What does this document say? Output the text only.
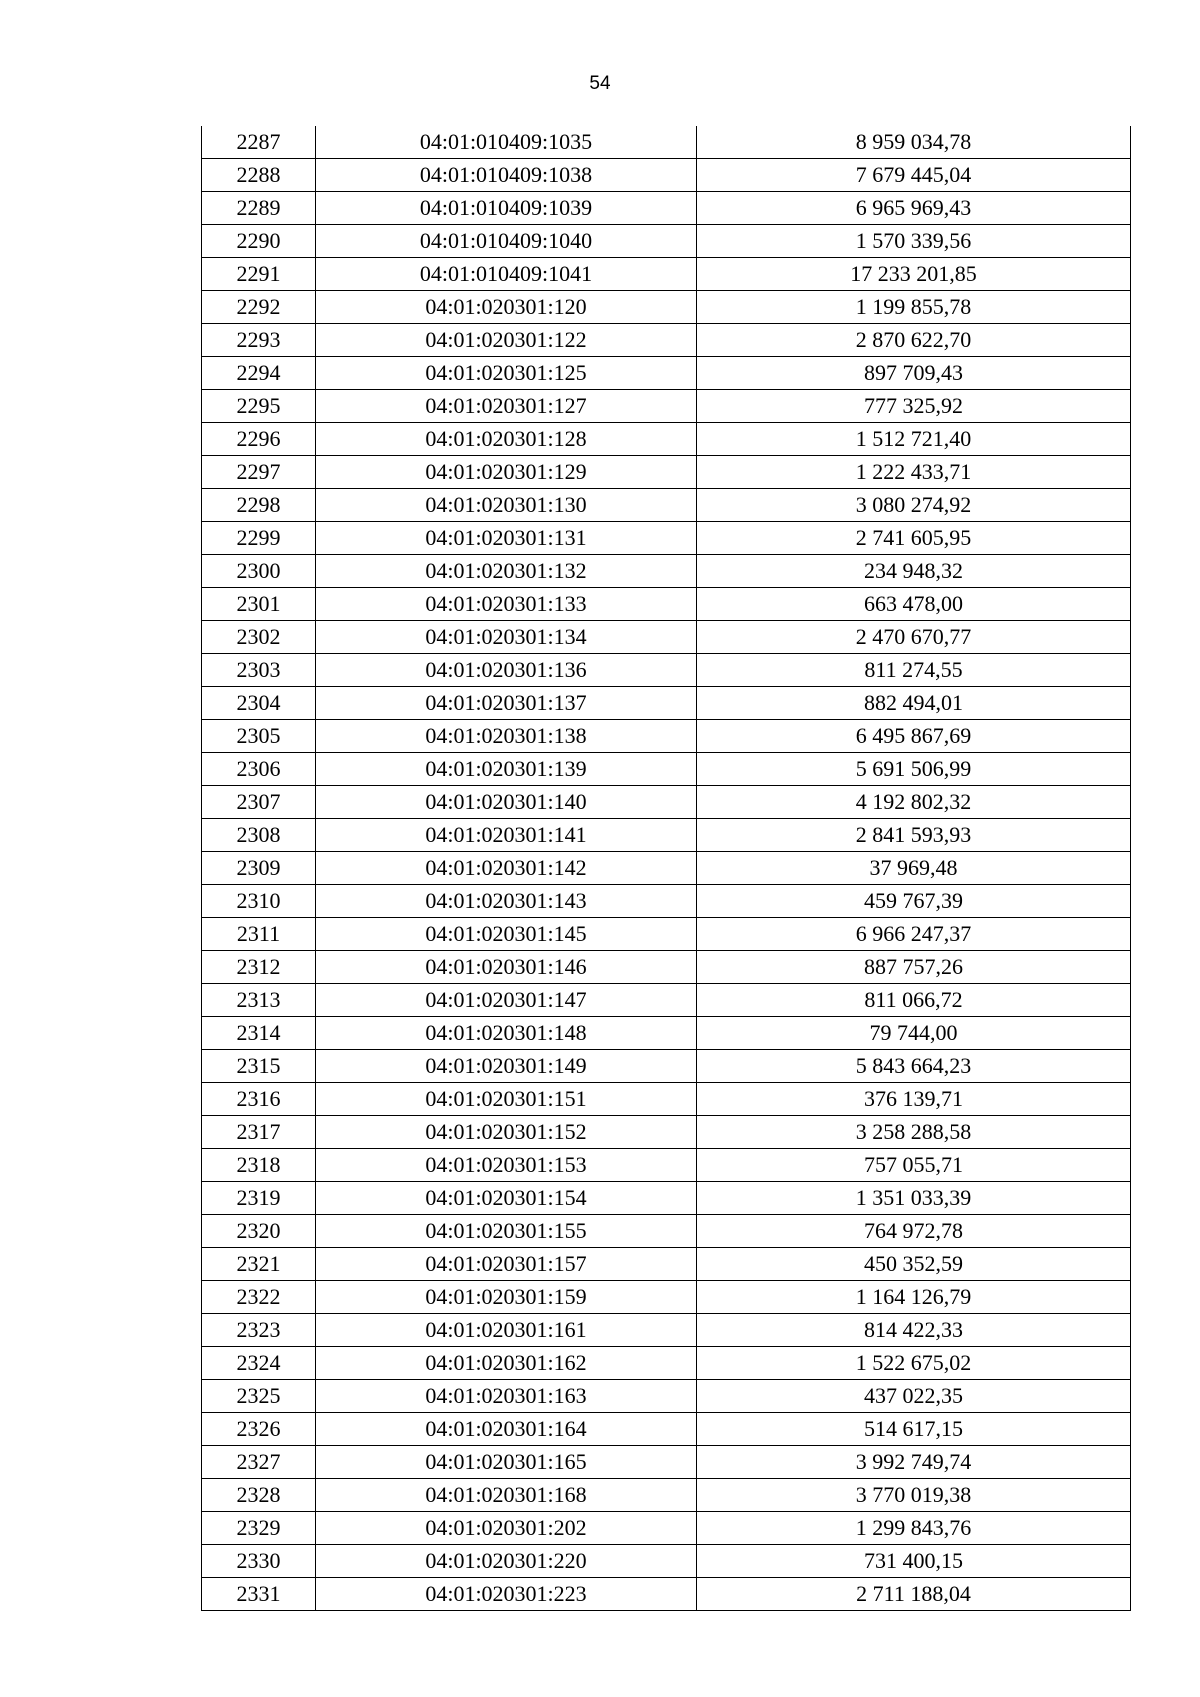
54
2287	04:01:010409:1035	8 959 034,78
2288	04:01:010409:1038	7 679 445,04
2289	04:01:010409:1039	6 965 969,43
2290	04:01:010409:1040	1 570 339,56
2291	04:01:010409:1041	17 233 201,85
2292	04:01:020301:120	1 199 855,78
2293	04:01:020301:122	2 870 622,70
2294	04:01:020301:125	897 709,43
2295	04:01:020301:127	777 325,92
2296	04:01:020301:128	1 512 721,40
2297	04:01:020301:129	1 222 433,71
2298	04:01:020301:130	3 080 274,92
2299	04:01:020301:131	2 741 605,95
2300	04:01:020301:132	234 948,32
2301	04:01:020301:133	663 478,00
2302	04:01:020301:134	2 470 670,77
2303	04:01:020301:136	811 274,55
2304	04:01:020301:137	882 494,01
2305	04:01:020301:138	6 495 867,69
2306	04:01:020301:139	5 691 506,99
2307	04:01:020301:140	4 192 802,32
2308	04:01:020301:141	2 841 593,93
2309	04:01:020301:142	37 969,48
2310	04:01:020301:143	459 767,39
2311	04:01:020301:145	6 966 247,37
2312	04:01:020301:146	887 757,26
2313	04:01:020301:147	811 066,72
2314	04:01:020301:148	79 744,00
2315	04:01:020301:149	5 843 664,23
2316	04:01:020301:151	376 139,71
2317	04:01:020301:152	3 258 288,58
2318	04:01:020301:153	757 055,71
2319	04:01:020301:154	1 351 033,39
2320	04:01:020301:155	764 972,78
2321	04:01:020301:157	450 352,59
2322	04:01:020301:159	1 164 126,79
2323	04:01:020301:161	814 422,33
2324	04:01:020301:162	1 522 675,02
2325	04:01:020301:163	437 022,35
2326	04:01:020301:164	514 617,15
2327	04:01:020301:165	3 992 749,74
2328	04:01:020301:168	3 770 019,38
2329	04:01:020301:202	1 299 843,76
2330	04:01:020301:220	731 400,15
2331	04:01:020301:223	2 711 188,04
